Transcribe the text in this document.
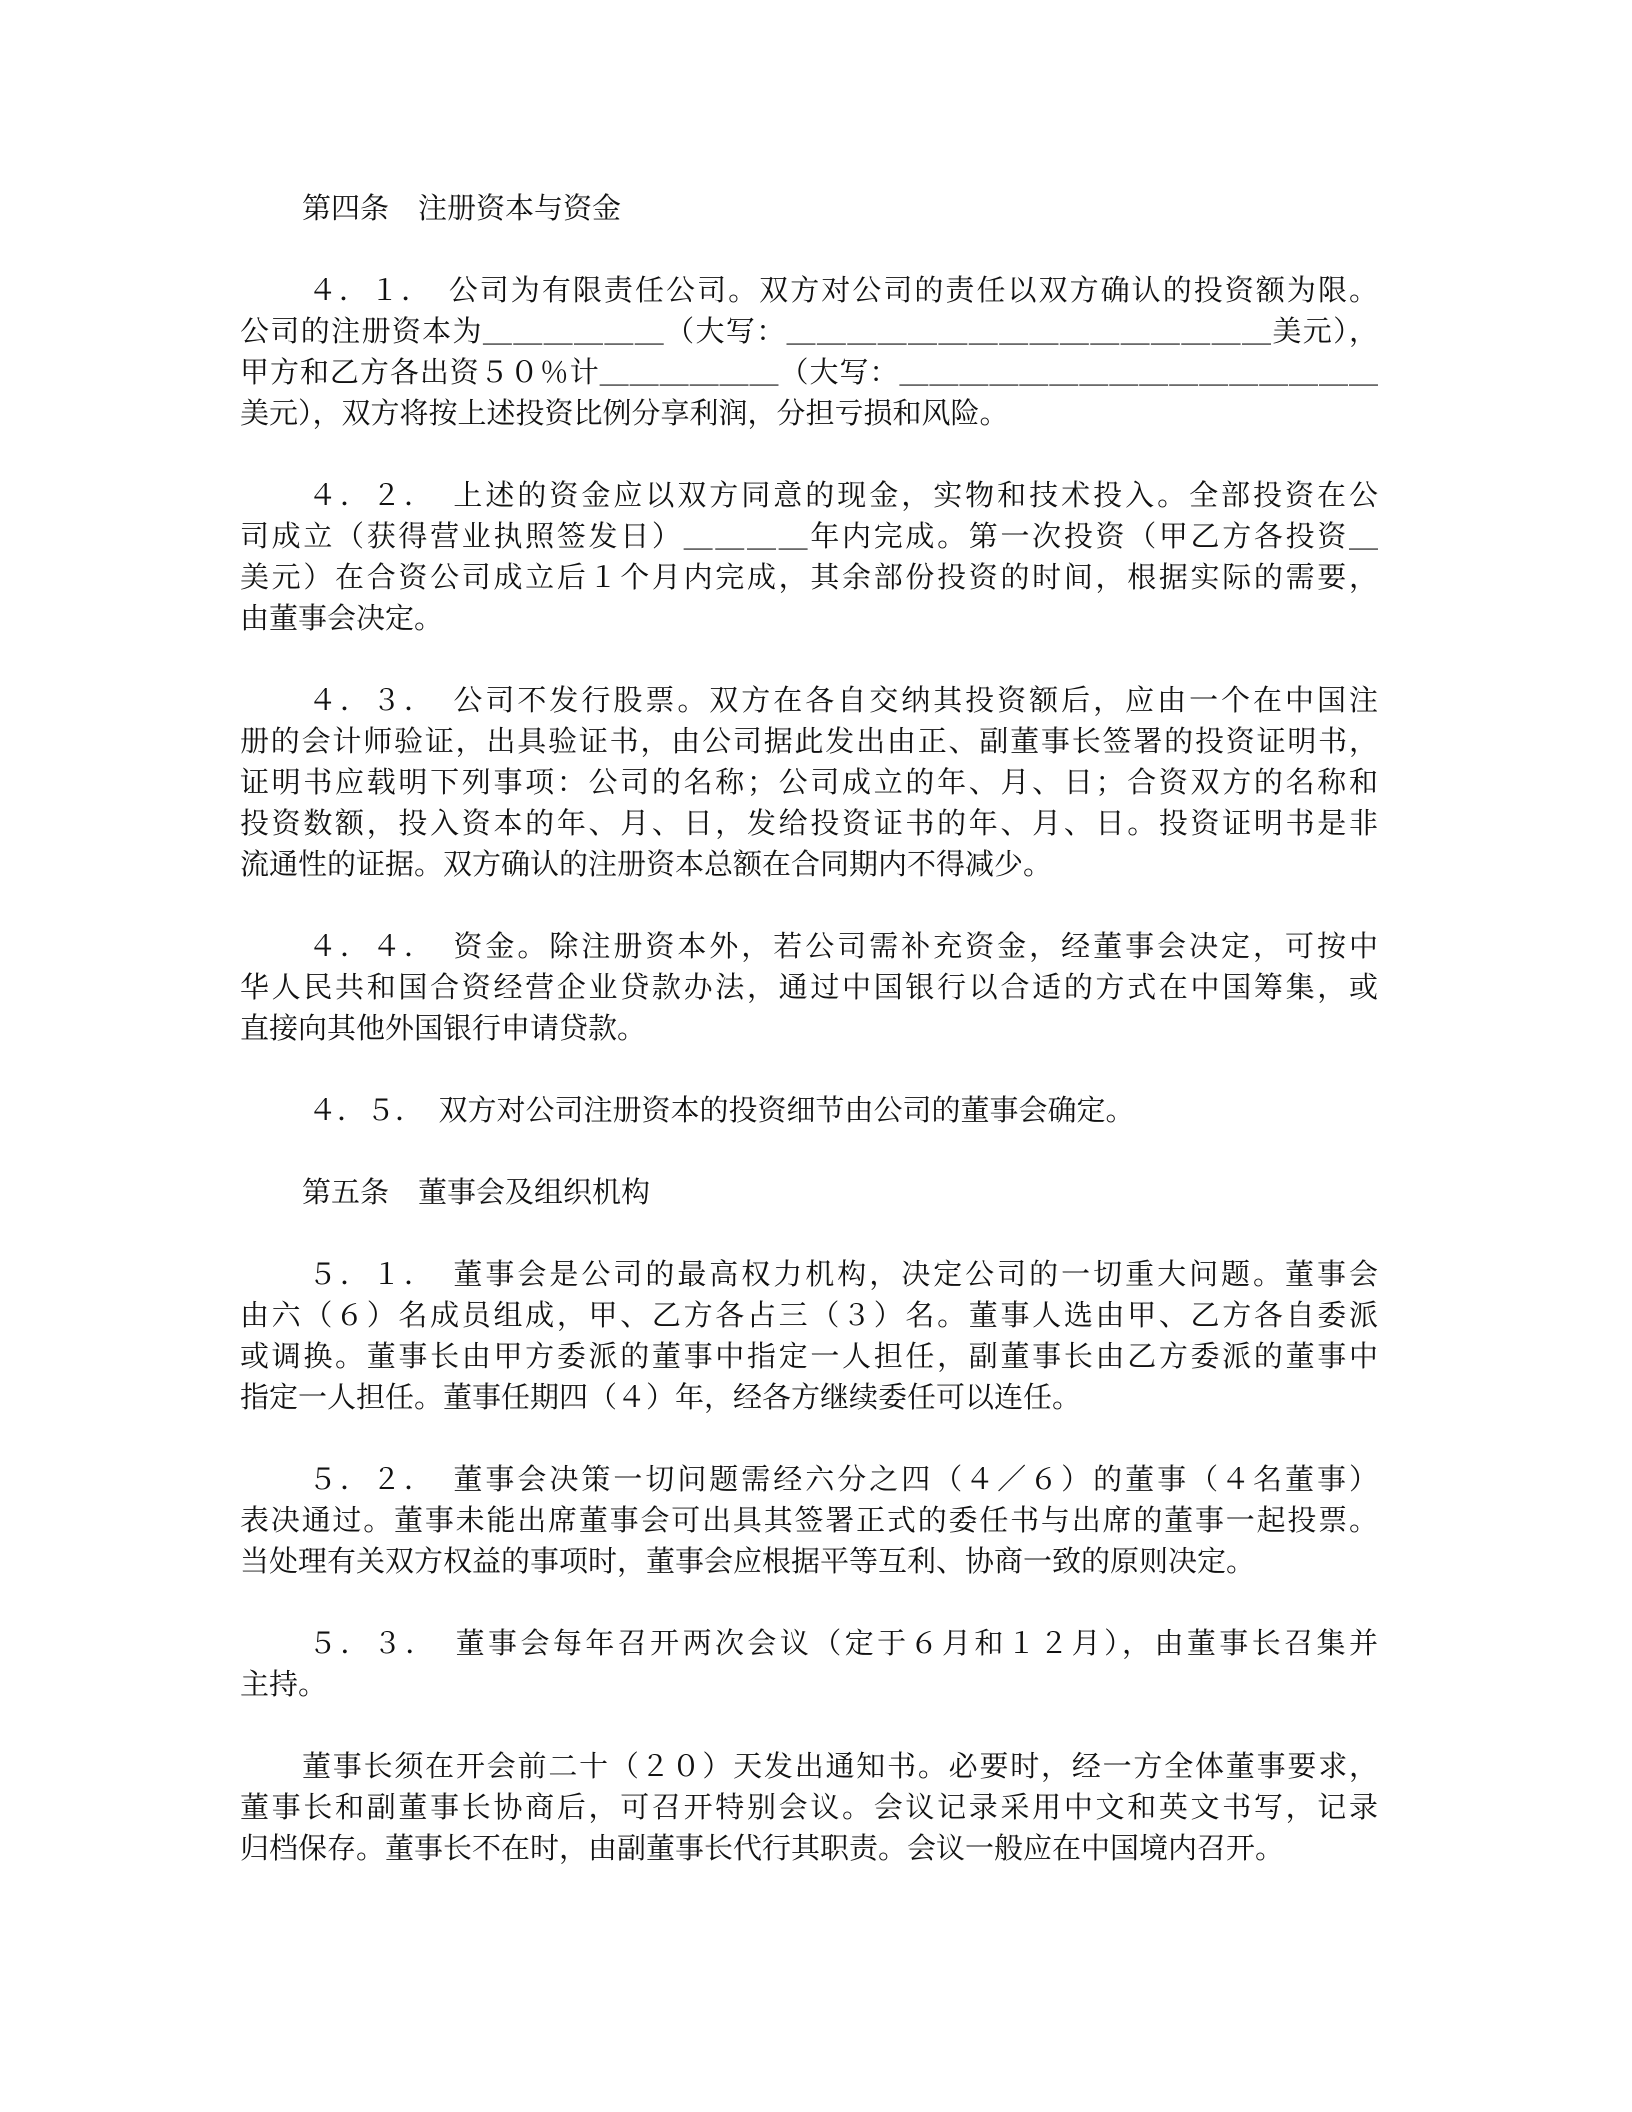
第四条　注册资本与资金
４．１．　公司为有限责任公司。双方对公司的责任以双方确认的投资额为限。
公司的注册资本为＿＿＿＿＿＿（大写：＿＿＿＿＿＿＿＿＿＿＿＿＿＿＿＿美元），
甲方和乙方各出资５０％计＿＿＿＿＿＿（大写：＿＿＿＿＿＿＿＿＿＿＿＿＿＿＿＿
美元），双方将按上述投资比例分享利润，分担亏损和风险。
４．２．　上述的资金应以双方同意的现金，实物和技术投入。全部投资在公
司成立（获得营业执照签发日）＿＿＿＿年内完成。第一次投资（甲乙方各投资＿
美元）在合资公司成立后１个月内完成，其余部份投资的时间，根据实际的需要，
由董事会决定。
４．３．　公司不发行股票。双方在各自交纳其投资额后，应由一个在中国注
册的会计师验证，出具验证书，由公司据此发出由正、副董事长签署的投资证明书，
证明书应载明下列事项：公司的名称；公司成立的年、月、日；合资双方的名称和
投资数额，投入资本的年、月、日，发给投资证书的年、月、日。投资证明书是非
流通性的证据。双方确认的注册资本总额在合同期内不得减少。
４．４．　资金。除注册资本外，若公司需补充资金，经董事会决定，可按中
华人民共和国合资经营企业贷款办法，通过中国银行以合适的方式在中国筹集，或
直接向其他外国银行申请贷款。
４．５．　双方对公司注册资本的投资细节由公司的董事会确定。
第五条　董事会及组织机构
５．１．　董事会是公司的最高权力机构，决定公司的一切重大问题。董事会
由六（６）名成员组成，甲、乙方各占三（３）名。董事人选由甲、乙方各自委派
或调换。董事长由甲方委派的董事中指定一人担任，副董事长由乙方委派的董事中
指定一人担任。董事任期四（４）年，经各方继续委任可以连任。
５．２．　董事会决策一切问题需经六分之四（４／６）的董事（４名董事）
表决通过。董事未能出席董事会可出具其签署正式的委任书与出席的董事一起投票。
当处理有关双方权益的事项时，董事会应根据平等互利、协商一致的原则决定。
５．３．　董事会每年召开两次会议（定于６月和１２月），由董事长召集并
主持。
董事长须在开会前二十（２０）天发出通知书。必要时，经一方全体董事要求，
董事长和副董事长协商后，可召开特别会议。会议记录采用中文和英文书写，记录
归档保存。董事长不在时，由副董事长代行其职责。会议一般应在中国境内召开。
